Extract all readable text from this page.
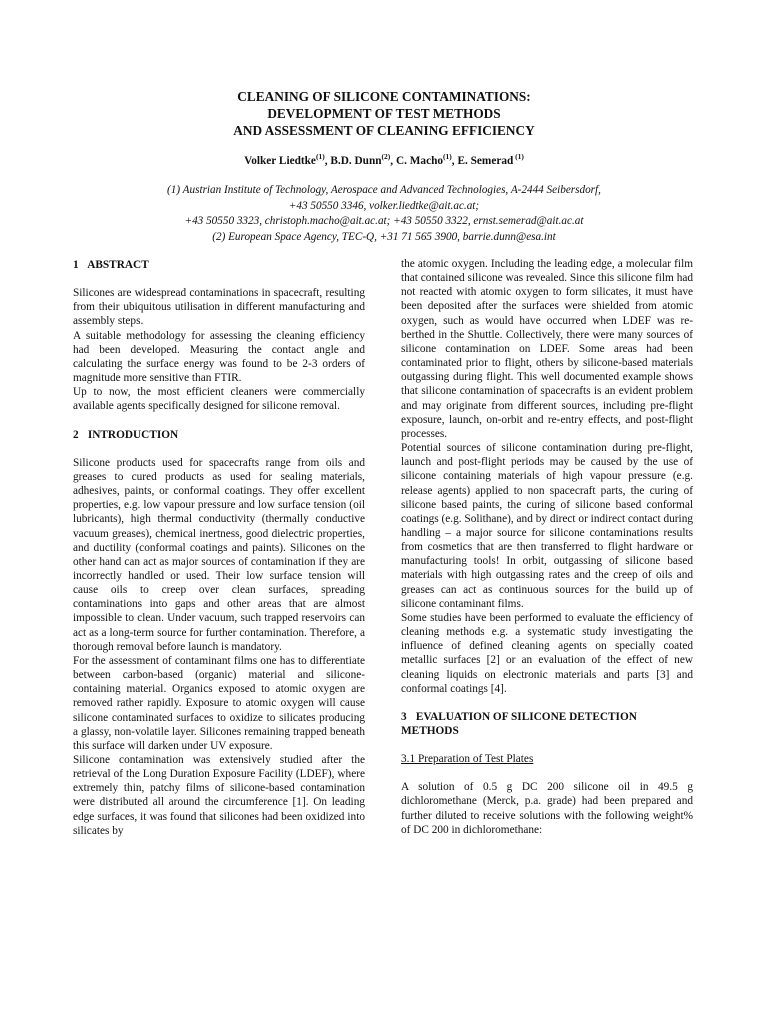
CLEANING OF SILICONE CONTAMINATIONS:
DEVELOPMENT OF TEST METHODS
AND ASSESSMENT OF CLEANING EFFICIENCY
Volker Liedtke$^{(1)}$, B.D. Dunn$^{(2)}$, C. Macho$^{(1)}$, E. Semerad $^{(1)}$
(1) Austrian Institute of Technology, Aerospace and Advanced Technologies, A-2444 Seibersdorf,
+43 50550 3346, volker.liedtke@ait.ac.at;
+43 50550 3323, christoph.macho@ait.ac.at; +43 50550 3322, ernst.semerad@ait.ac.at
(2) European Space Agency, TEC-Q, +31 71 565 3900, barrie.dunn@esa.int
1 ABSTRACT

Silicones are widespread contaminations in spacecraft, resulting from their ubiquitous utilisation in different manufacturing and assembly steps.

A suitable methodology for assessing the cleaning efficiency had been developed. Measuring the contact angle and calculating the surface energy was found to be 2-3 orders of magnitude more sensitive than FTIR.

Up to now, the most efficient cleaners were commercially available agents specifically designed for silicone removal.

2 INTRODUCTION

Silicone products used for spacecrafts range from oils and greases to cured products as used for sealing materials, adhesives, paints, or conformal coatings. They offer excellent properties, e.g. low vapour pressure and low surface tension (oil lubricants), high thermal conductivity (thermally conductive vacuum greases), chemical inertness, good dielectric properties, and ductility (conformal coatings and paints). Silicones on the other hand can act as major sources of contamination if they are incorrectly handled or used. Their low surface tension will cause oils to creep over clean surfaces, spreading contaminations into gaps and other areas that are almost impossible to clean. Under vacuum, such trapped reservoirs can act as a long-term source for further contamination. Therefore, a thorough removal before launch is mandatory.

For the assessment of contaminant films one has to differentiate between carbon-based (organic) material and silicone-containing material. Organics exposed to atomic oxygen are removed rather rapidly. Exposure to atomic oxygen will cause silicone contaminated surfaces to oxidize to silicates producing a glassy, non-volatile layer. Silicones remaining trapped beneath this surface will darken under UV exposure.

Silicone contamination was extensively studied after the retrieval of the Long Duration Exposure Facility (LDEF), where extremely thin, patchy films of silicone-based contamination were distributed all around the circumference [1]. On leading edge surfaces, it was found that silicones had been oxidized into silicates by

the atomic oxygen. Including the leading edge, a molecular film that contained silicone was revealed. Since this silicone film had not reacted with atomic oxygen to form silicates, it must have been deposited after the surfaces were shielded from atomic oxygen, such as would have occurred when LDEF was re-berthed in the Shuttle. Collectively, there were many sources of silicone contamination on LDEF. Some areas had been contaminated prior to flight, others by silicone-based materials outgassing during flight. This well documented example shows that silicone contamination of spacecrafts is an evident problem and may originate from different sources, including pre-flight exposure, launch, on-orbit and re-entry effects, and post-flight processes.

Potential sources of silicone contamination during pre-flight, launch and post-flight periods may be caused by the use of silicone containing materials of high vapour pressure (e.g. release agents) applied to non spacecraft parts, the curing of silicone based paints, the curing of silicone based conformal coatings (e.g. Solithane), and by direct or indirect contact during handling – a major source for silicone contaminations results from cosmetics that are then transferred to flight hardware or manufacturing tools! In orbit, outgassing of silicone based materials with high outgassing rates and the creep of oils and greases can act as continuous sources for the build up of silicone contaminant films.

Some studies have been performed to evaluate the efficiency of cleaning methods e.g. a systematic study investigating the influence of defined cleaning agents on specially coated metallic surfaces [2] or an evaluation of the effect of new cleaning liquids on electronic materials and parts [3] and conformal coatings [4].

3 EVALUATION OF SILICONE DETECTION
METHODS
3.1 Preparation of Test Plates

A solution of 0.5 g DC 200 silicone oil in 49.5 g dichloromethane (Merck, p.a. grade) had been prepared and further diluted to receive solutions with the following weight% of DC 200 in dichloromethane:
